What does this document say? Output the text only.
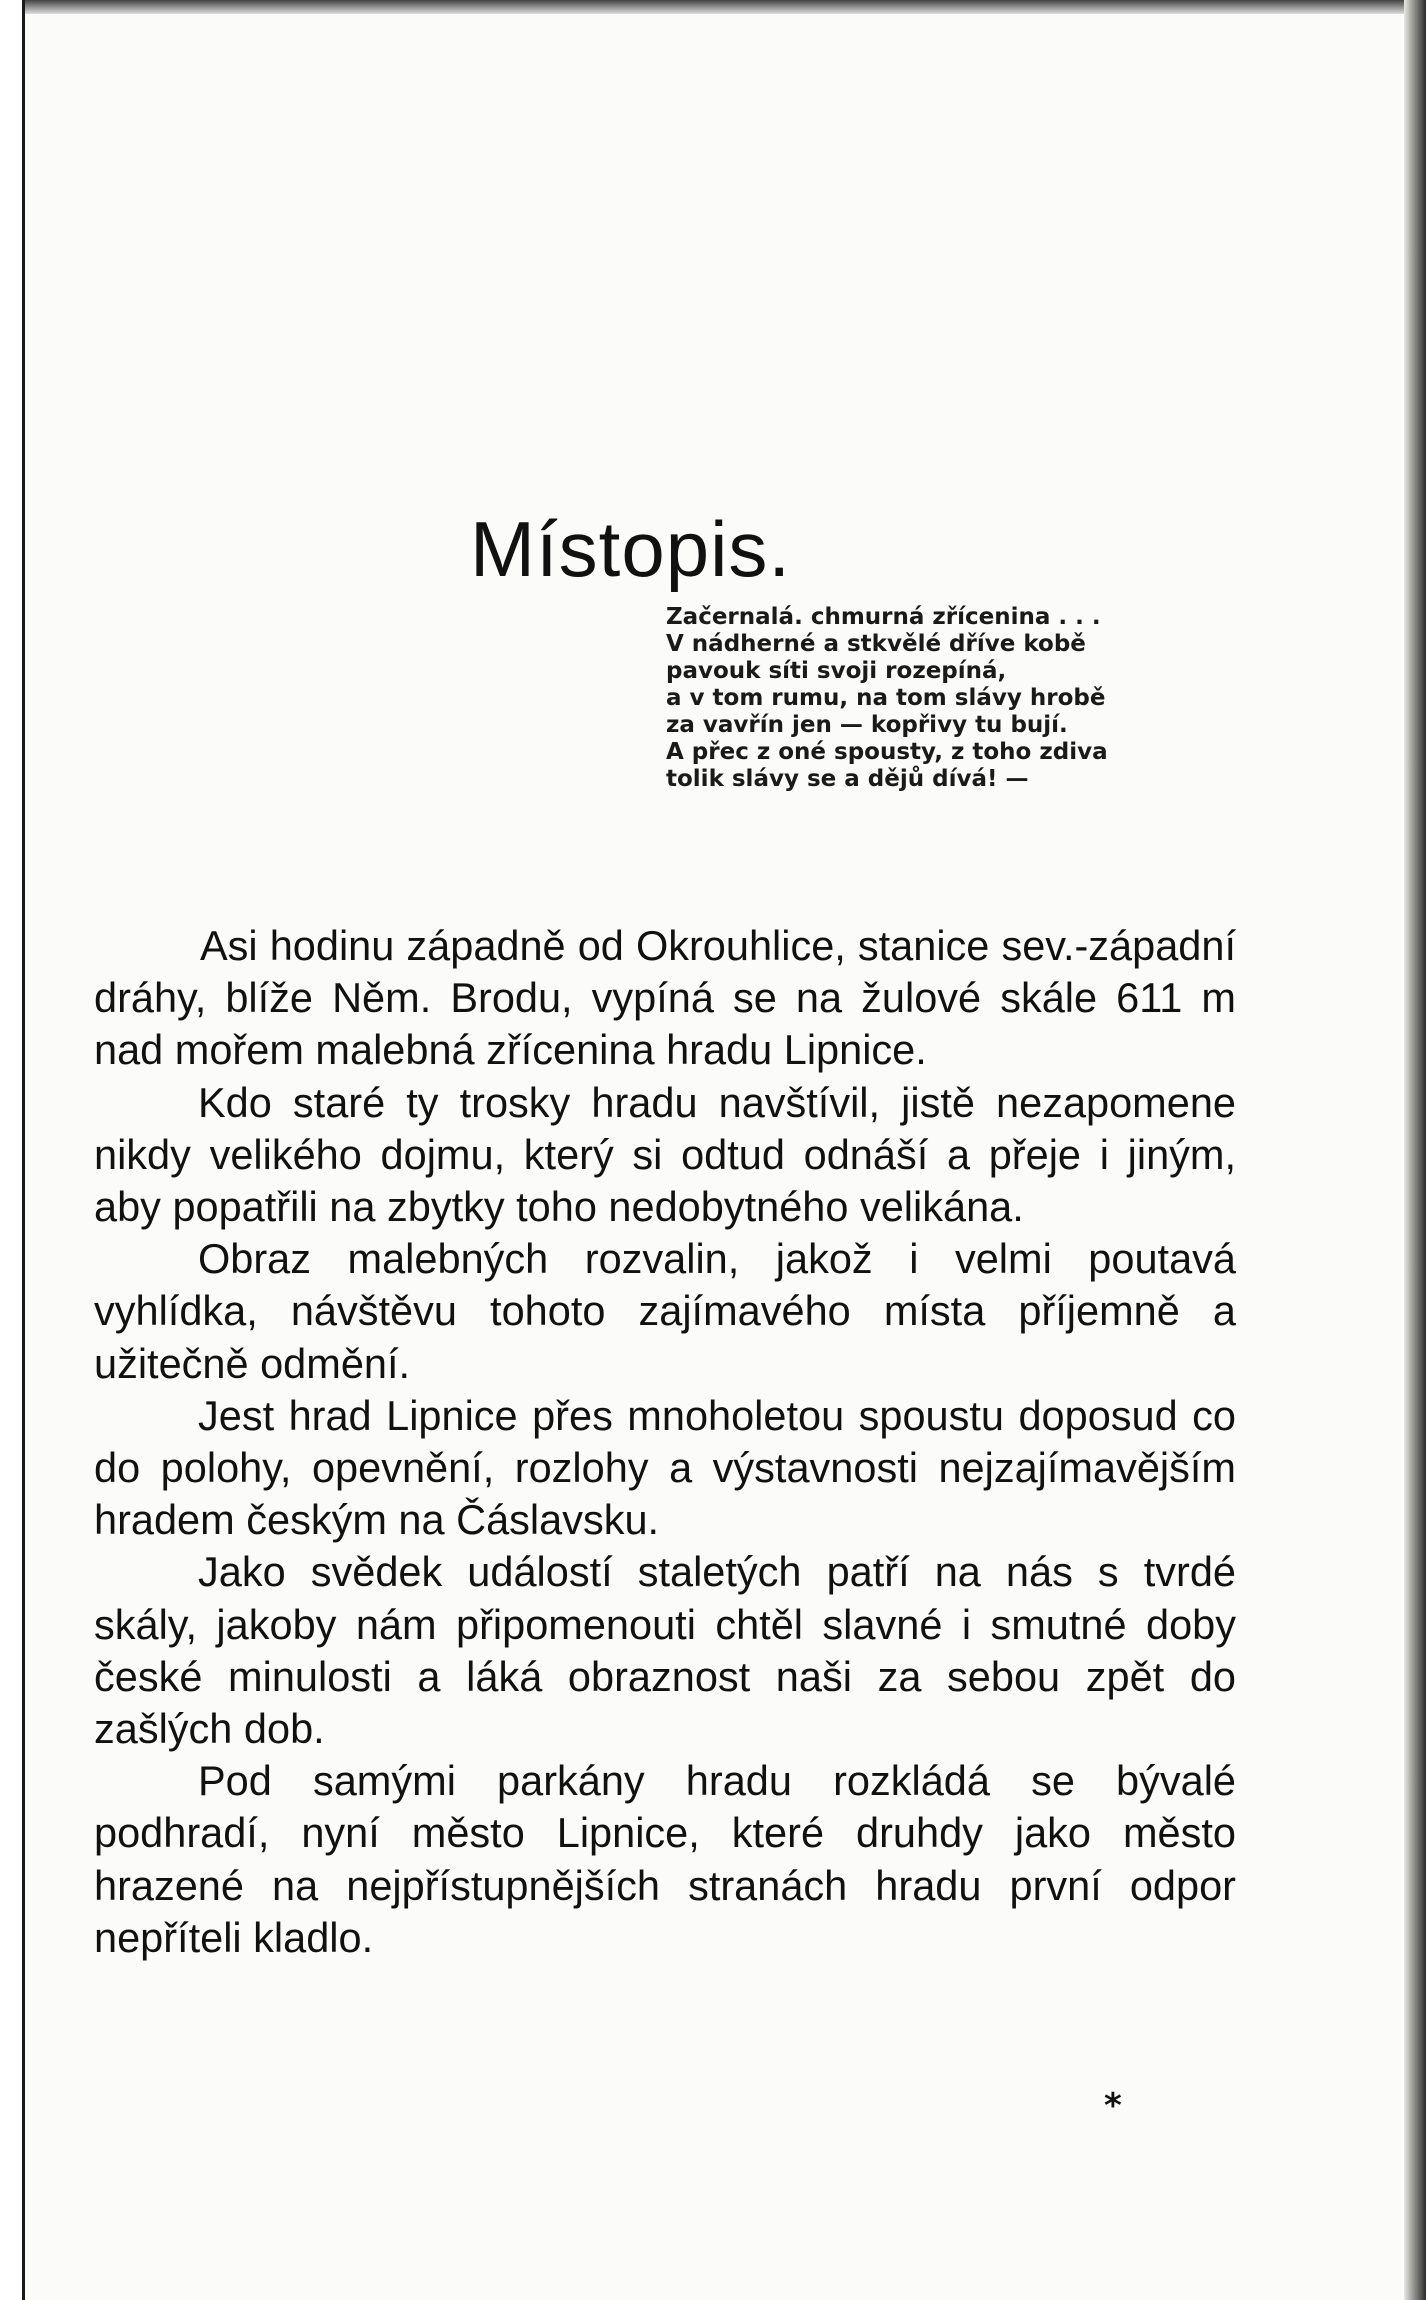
Místopis.
Začernalá. chmurná zřícenina . . .
V nádherné a stkvělé dříve kobě
pavouk síti svoji rozepíná,
a v tom rumu, na tom slávy hrobě
za vavřín jen — kopřivy tu bují.
A přec z oné spousty, z toho zdiva
tolik slávy se a dějů dívá! —

Asi hodinu západně od Okrouhlice, stanice sev.-západní dráhy, blíže Něm. Brodu, vypíná se na žulové skále 611 m nad mořem malebná zřícenina hradu Lipnice.

Kdo staré ty trosky hradu navštívil, jistě nezapomene nikdy velikého dojmu, který si odtud odnáší a přeje i jiným, aby popatřili na zbytky toho nedobytného velikána.

Obraz malebných rozvalin, jakož i velmi poutavá vyhlídka, návštěvu tohoto zajímavého místa příjemně a užitečně odmění.

Jest hrad Lipnice přes mnoholetou spoustu doposud co do polohy, opevnění, rozlohy a výstavnosti nejzajímavějším hradem českým na Čáslavsku.

Jako svědek událostí staletých patří na nás s tvrdé skály, jakoby nám připomenouti chtěl slavné i smutné doby české minulosti a láká obraznost naši za sebou zpět do zašlých dob.

Pod samými parkány hradu rozkládá se bývalé podhradí, nyní město Lipnice, které druhdy jako město hrazené na nejpřístupnějších stranách hradu první odpor nepříteli kladlo.

*
